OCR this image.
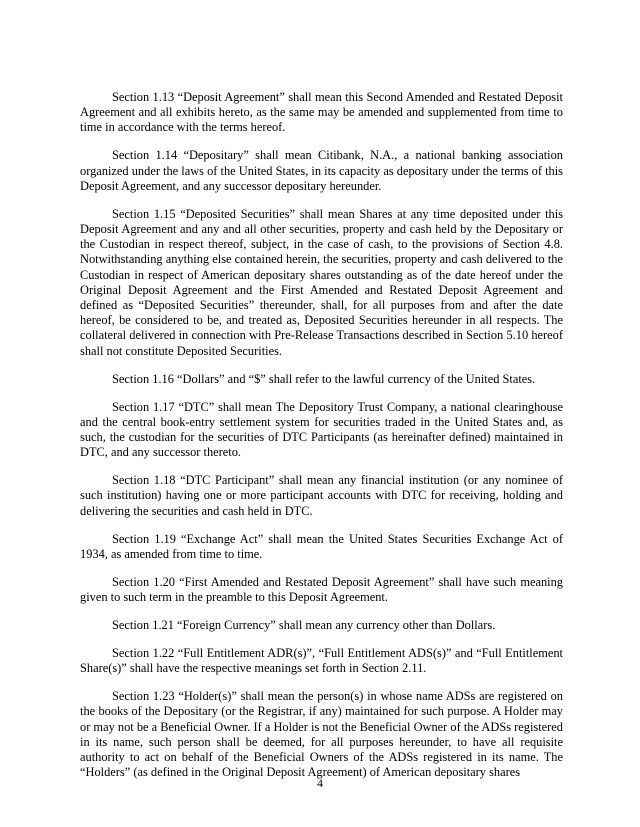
Section 1.13 “Deposit Agreement” shall mean this Second Amended and Restated Deposit Agreement and all exhibits hereto, as the same may be amended and supplemented from time to time in accordance with the terms hereof.

Section 1.14 “Depositary” shall mean Citibank, N.A., a national banking association organized under the laws of the United States, in its capacity as depositary under the terms of this Deposit Agreement, and any successor depositary hereunder.

Section 1.15 “Deposited Securities” shall mean Shares at any time deposited under this Deposit Agreement and any and all other securities, property and cash held by the Depositary or the Custodian in respect thereof, subject, in the case of cash, to the provisions of Section 4.8. Notwithstanding anything else contained herein, the securities, property and cash delivered to the Custodian in respect of American depositary shares outstanding as of the date hereof under the Original Deposit Agreement and the First Amended and Restated Deposit Agreement and defined as “Deposited Securities” thereunder, shall, for all purposes from and after the date hereof, be considered to be, and treated as, Deposited Securities hereunder in all respects. The collateral delivered in connection with Pre-Release Transactions described in Section 5.10 hereof shall not constitute Deposited Securities.

Section 1.16 “Dollars” and “$” shall refer to the lawful currency of the United States.

Section 1.17 “DTC” shall mean The Depository Trust Company, a national clearinghouse and the central book-entry settlement system for securities traded in the United States and, as such, the custodian for the securities of DTC Participants (as hereinafter defined) maintained in DTC, and any successor thereto.

Section 1.18 “DTC Participant” shall mean any financial institution (or any nominee of such institution) having one or more participant accounts with DTC for receiving, holding and delivering the securities and cash held in DTC.

Section 1.19 “Exchange Act” shall mean the United States Securities Exchange Act of 1934, as amended from time to time.

Section 1.20 “First Amended and Restated Deposit Agreement” shall have such meaning given to such term in the preamble to this Deposit Agreement.

Section 1.21 “Foreign Currency” shall mean any currency other than Dollars.

Section 1.22 “Full Entitlement ADR(s)”, “Full Entitlement ADS(s)” and “Full Entitlement Share(s)” shall have the respective meanings set forth in Section 2.11.

Section 1.23 “Holder(s)” shall mean the person(s) in whose name ADSs are registered on the books of the Depositary (or the Registrar, if any) maintained for such purpose. A Holder may or may not be a Beneficial Owner. If a Holder is not the Beneficial Owner of the ADSs registered in its name, such person shall be deemed, for all purposes hereunder, to have all requisite authority to act on behalf of the Beneficial Owners of the ADSs registered in its name. The “Holders” (as defined in the Original Deposit Agreement) of American depositary shares

4
